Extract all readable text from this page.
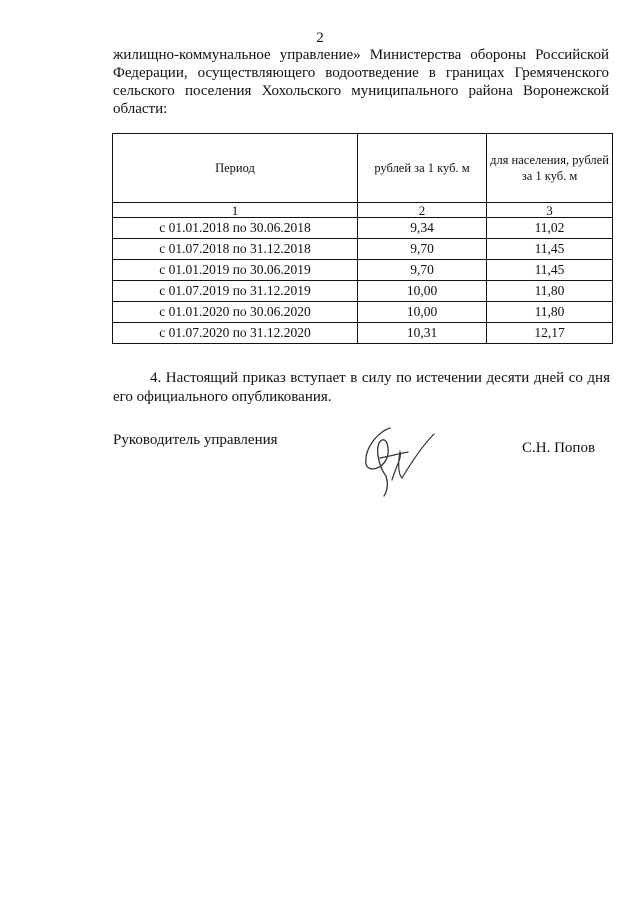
2
жилищно-коммунальное управление» Министерства обороны Российской Федерации, осуществляющего водоотведение в границах Гремяченского сельского поселения Хохольского муниципального района Воронежской области:
Период	рублей за 1 куб. м	для населения, рублей за 1 куб. м
1	2	3
с 01.01.2018 по 30.06.2018	9,34	11,02
с 01.07.2018 по 31.12.2018	9,70	11,45
с 01.01.2019 по 30.06.2019	9,70	11,45
с 01.07.2019 по 31.12.2019	10,00	11,80
с 01.01.2020 по 30.06.2020	10,00	11,80
с 01.07.2020 по 31.12.2020	10,31	12,17
4. Настоящий приказ вступает в силу по истечении десяти дней со дня его официального опубликования.
Руководитель управления	С.Н. Попов
